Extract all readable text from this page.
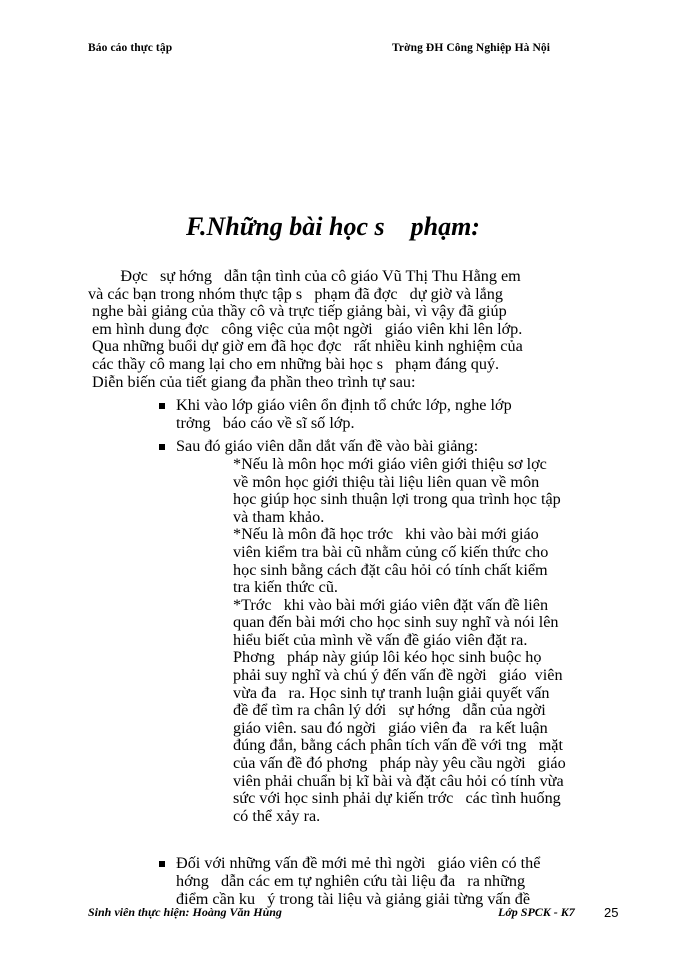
Báo cáo thực tập	Trờng ĐH Công Nghiệp Hà Nội
F.Những bài học s    phạm:
Đợc   sự hớng   dẫn tận tình của cô giáo Vũ Thị Thu Hằng em
và các bạn trong nhóm thực tập s   phạm đã đợc   dự giờ và lắng
nghe bài giảng của thầy cô và trực tiếp giảng bài, vì vậy đã giúp
em hình dung đợc   công việc của một ngời   giáo viên khi lên lớp.
Qua những buổi dự giờ em đã học đợc   rất nhiều kinh nghiệm của
các thầy cô mang lại cho em những bài học s   phạm đáng quý.
Diễn biến của tiết giang đa phần theo trình tự sau:
Khi vào lớp giáo viên ổn định tổ chức lớp, nghe lớp
trởng   báo cáo về sĩ số lớp.
Sau đó giáo viên dẫn dắt vấn đề vào bài giảng:
*Nếu là môn học mới giáo viên giới thiệu sơ lợc
về môn học giới thiệu tài liệu liên quan về môn
học giúp học sinh thuận lợi trong qua trình học tập
và tham khảo.
*Nếu là môn đã học trớc   khi vào bài mới giáo
viên kiểm tra bài cũ nhằm củng cố kiến thức cho
học sinh bằng cách đặt câu hỏi có tính chất kiểm
tra kiến thức cũ.
*Trớc   khi vào bài mới giáo viên đặt vấn đề liên
quan đến bài mới cho học sinh suy nghĩ và nói lên
hiểu biết của mình về vấn đề giáo viên đặt ra.
Phơng   pháp này giúp lôi kéo học sinh buộc họ
phải suy nghĩ và chú ý đến vấn đề ngời   giáo  viên
vừa đa   ra. Học sinh tự tranh luận giải quyết vấn
đề để tìm ra chân lý dới   sự hớng   dẫn của ngời
giáo viên. sau đó ngời   giáo viên đa   ra kết luận
đúng đắn, bằng cách phân tích vấn đề với tng   mặt
của vấn đề đó phơng   pháp này yêu cầu ngời   giáo
viên phải chuẩn bị kĩ bài và đặt câu hỏi có tính vừa
sức với học sinh phải dự kiến trớc   các tình huống
có thể xảy ra.
Đối với những vấn đề mới mẻ thì ngời   giáo viên có thể
hớng   dẫn các em tự nghiên cứu tài liệu đa   ra những
điểm cần ku   ý trong tài liệu và giảng giải từng vấn đề
Sinh viên thực hiện: Hoàng Văn Hùng	Lớp SPCK - K7 25
